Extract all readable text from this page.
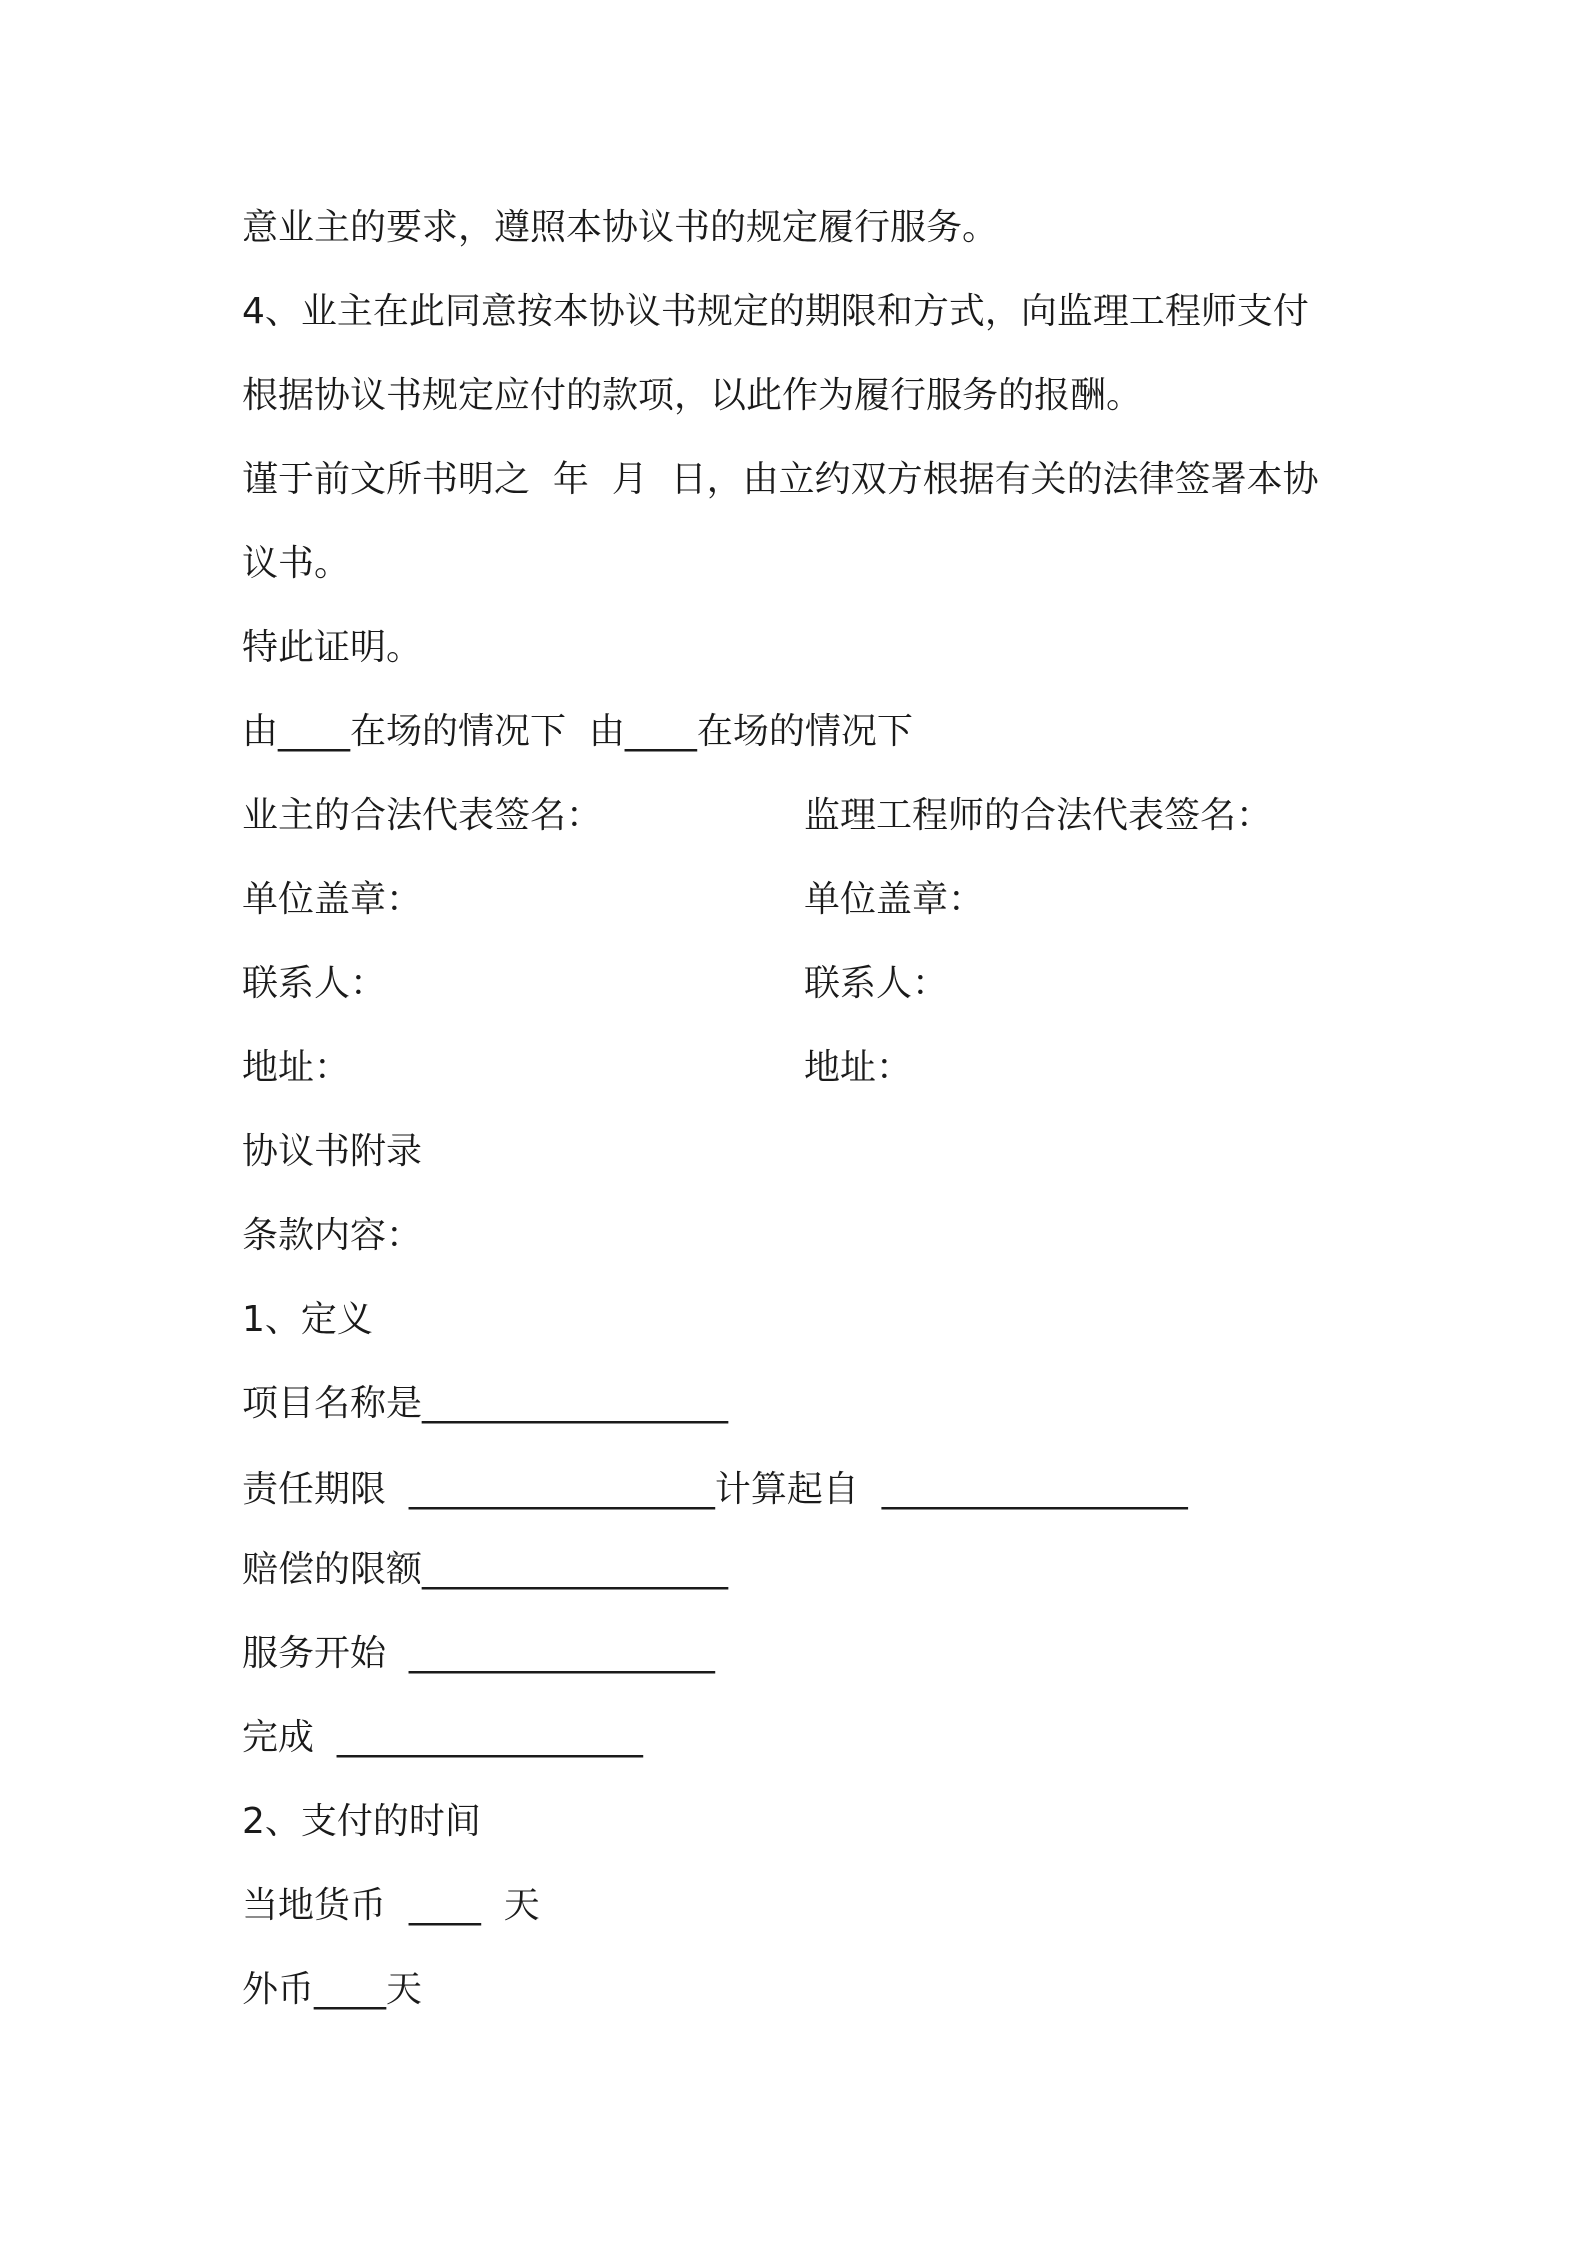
意业主的要求，遵照本协议书的规定履行服务。
4、业主在此同意按本协议书规定的期限和方式，向监理工程师支付
根据协议书规定应付的款项，以此作为履行服务的报酬。
谨于前文所书明之  年  月  日，由立约双方根据有关的法律签署本协
议书。
特此证明。
由____在场的情况下  由____在场的情况下
业主的合法代表签名：	监理工程师的合法代表签名：
单位盖章：	单位盖章：
联系人：	联系人：
地址：	地址：
协议书附录
条款内容：
1、定义
项目名称是_________________
责任期限  _________________计算起自  _________________
赔偿的限额_________________
服务开始  _________________
完成  _________________
2、支付的时间
当地货币  ____  天
外币____天
